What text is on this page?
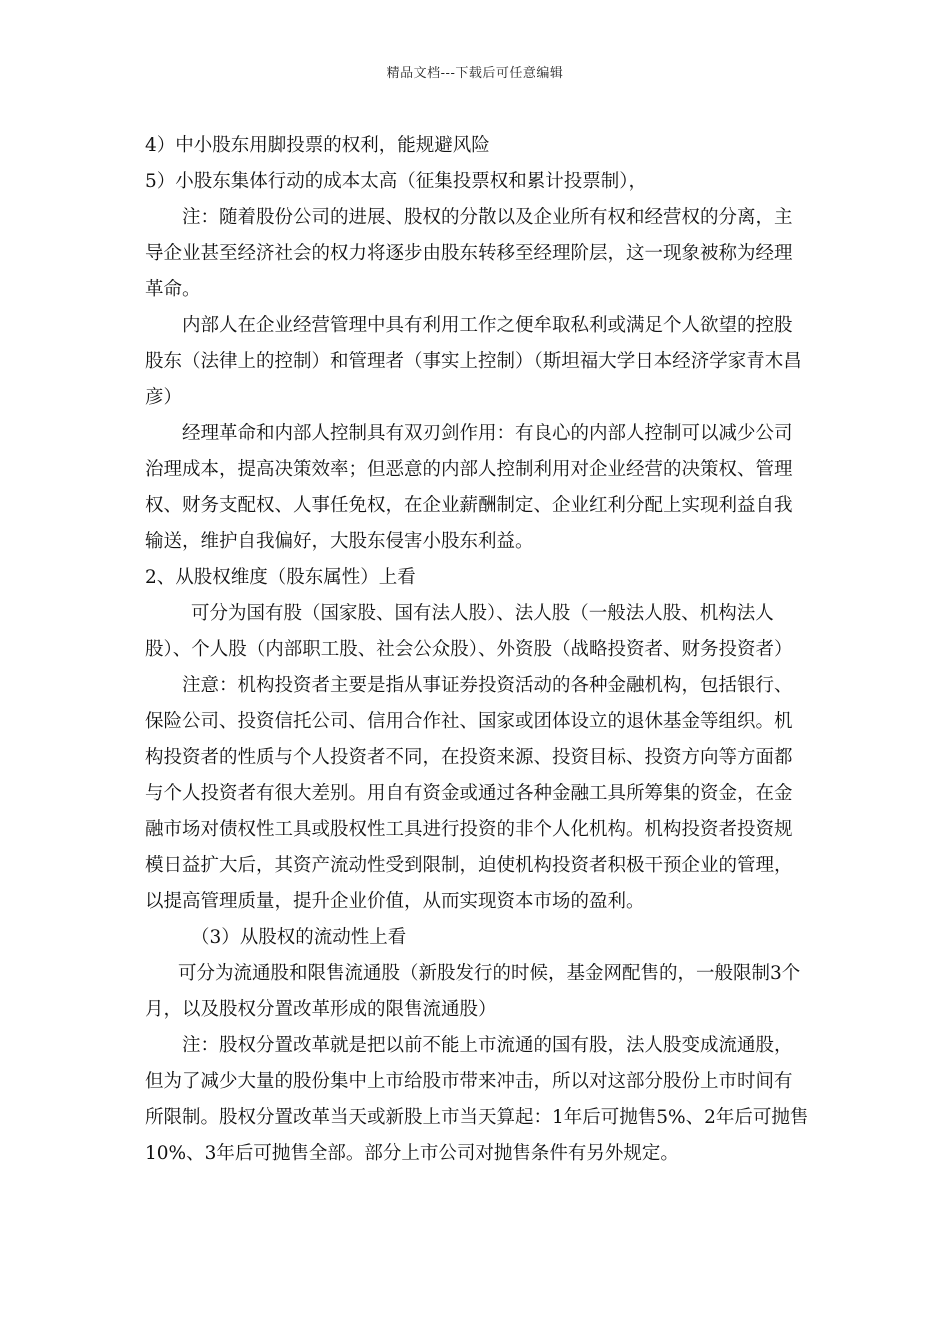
精品文档---下载后可任意编辑

4）中小股东用脚投票的权利，能规避风险

5）小股东集体行动的成本太高（征集投票权和累计投票制），

注：随着股份公司的进展、股权的分散以及企业所有权和经营权的分离，主导企业甚至经济社会的权力将逐步由股东转移至经理阶层，这一现象被称为经理革命。

内部人在企业经营管理中具有利用工作之便牟取私利或满足个人欲望的控股股东（法律上的控制）和管理者（事实上控制）（斯坦福大学日本经济学家青木昌彦）

经理革命和内部人控制具有双刃剑作用：有良心的内部人控制可以减少公司治理成本，提高决策效率；但恶意的内部人控制利用对企业经营的决策权、管理权、财务支配权、人事任免权，在企业薪酬制定、企业红利分配上实现利益自我输送，维护自我偏好，大股东侵害小股东利益。

2、从股权维度（股东属性）上看

可分为国有股（国家股、国有法人股）、法人股（一般法人股、机构法人股）、个人股（内部职工股、社会公众股）、外资股（战略投资者、财务投资者）

注意：机构投资者主要是指从事证券投资活动的各种金融机构，包括银行、保险公司、投资信托公司、信用合作社、国家或团体设立的退休基金等组织。机构投资者的性质与个人投资者不同，在投资来源、投资目标、投资方向等方面都与个人投资者有很大差别。用自有资金或通过各种金融工具所筹集的资金，在金融市场对债权性工具或股权性工具进行投资的非个人化机构。机构投资者投资规模日益扩大后，其资产流动性受到限制，迫使机构投资者积极干预企业的管理，以提高管理质量，提升企业价值，从而实现资本市场的盈利。

（3）从股权的流动性上看

可分为流通股和限售流通股（新股发行的时候，基金网配售的，一般限制3个月，以及股权分置改革形成的限售流通股）

注：股权分置改革就是把以前不能上市流通的国有股，法人股变成流通股，但为了减少大量的股份集中上市给股市带来冲击，所以对这部分股份上市时间有所限制。股权分置改革当天或新股上市当天算起：1年后可抛售5%、2年后可抛售10%、3年后可抛售全部。部分上市公司对抛售条件有另外规定。
